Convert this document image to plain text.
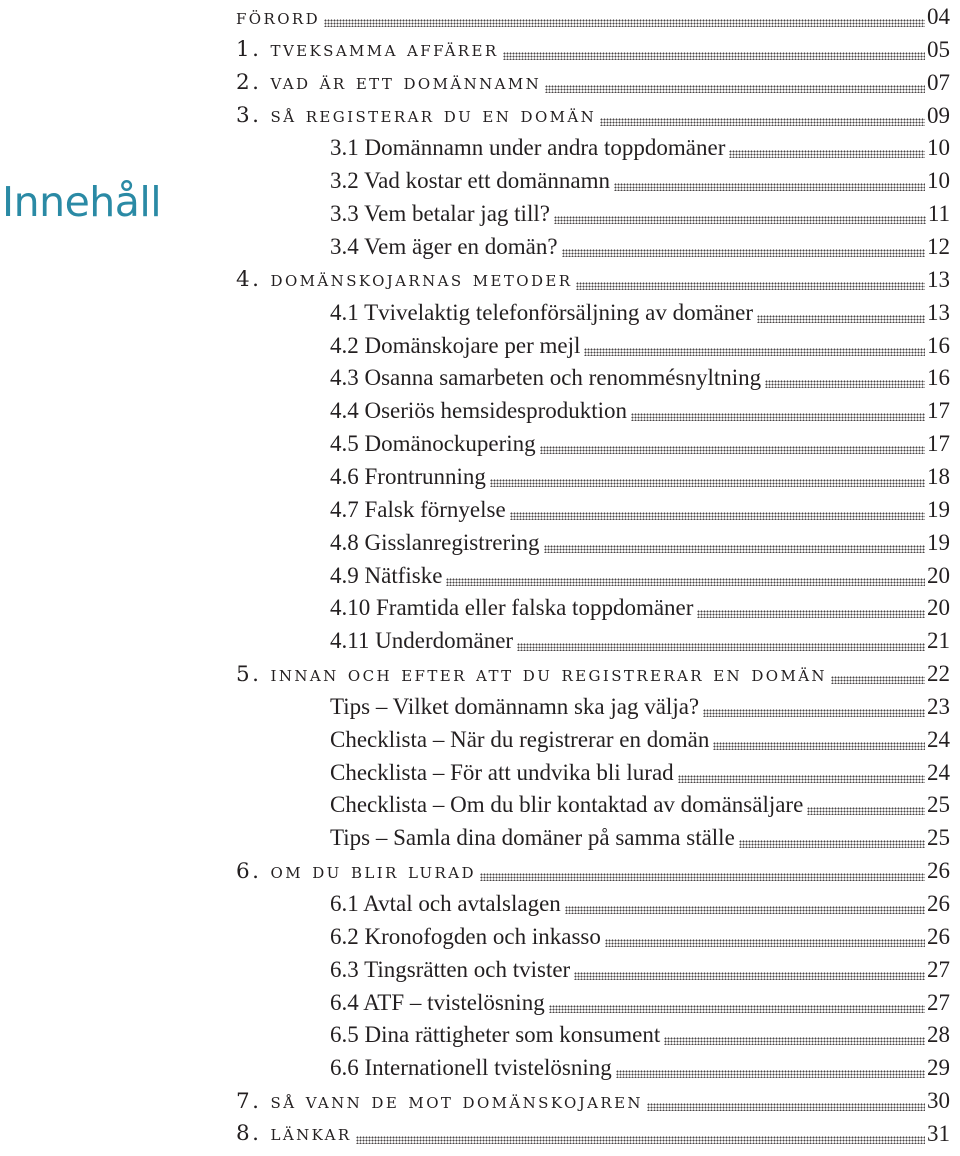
Innehåll
förord	04
1. tveksamma affärer	05
2. vad är ett domännamn	07
3. så registerar du en domän	09
3.1 Domännamn under andra toppdomäner	10
3.2 Vad kostar ett domännamn	10
3.3 Vem betalar jag till?	11
3.4 Vem äger en domän?	12
4. domänskojarnas metoder	13
4.1 Tvivelaktig telefonförsäljning av domäner	13
4.2 Domänskojare per mejl	16
4.3 Osanna samarbeten och renommésnyltning	16
4.4 Oseriös hemsidesproduktion	17
4.5 Domänockupering	17
4.6 Frontrunning	18
4.7 Falsk förnyelse	19
4.8 Gisslanregistrering	19
4.9 Nätfiske	20
4.10 Framtida eller falska toppdomäner	20
4.11 Underdomäner	21
5. innan och efter att du registrerar en domän	22
Tips – Vilket domännamn ska jag välja?	23
Checklista – När du registrerar en domän	24
Checklista – För att undvika bli lurad	24
Checklista – Om du blir kontaktad av domänsäljare	25
Tips – Samla dina domäner på samma ställe	25
6. om du blir lurad	26
6.1 Avtal och avtalslagen	26
6.2 Kronofogden och inkasso	26
6.3 Tingsrätten och tvister	27
6.4 ATF – tvistelösning	27
6.5 Dina rättigheter som konsument	28
6.6 Internationell tvistelösning	29
7. så vann de mot domänskojaren	30
8. länkar	31
